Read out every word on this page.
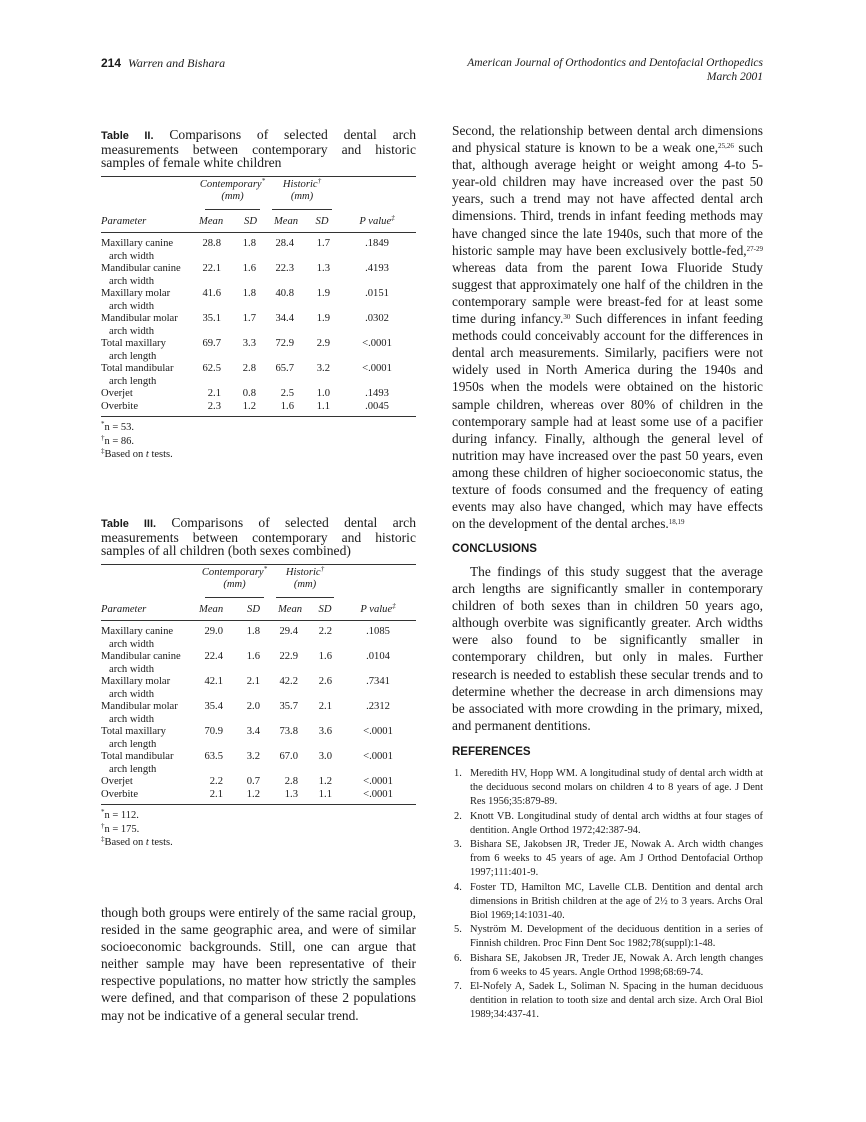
214 Warren and Bishara	American Journal of Orthodontics and Dentofacial Orthopedics
March 2001
Table II. Comparisons of selected dental arch measurements between contemporary and historic samples of female white children
	Contemporary*
(mm)		Historic†
(mm)	

Parameter	Mean	SD	Mean	SD	P value‡
Maxillary canine
arch width	28.8	1.8	28.4	1.7	.1849
Mandibular canine
arch width	22.1	1.6	22.3	1.3	.4193
Maxillary molar
arch width	41.6	1.8	40.8	1.9	.0151
Mandibular molar
arch width	35.1	1.7	34.4	1.9	.0302
Total maxillary
arch length	69.7	3.3	72.9	2.9	<.0001
Total mandibular
arch length	62.5	2.8	65.7	3.2	<.0001
Overjet	2.1	0.8	2.5	1.0	.1493
Overbite	2.3	1.2	1.6	1.1	.0045
*n = 53.
†n = 86.
‡Based on t tests.
Table III. Comparisons of selected dental arch measurements between contemporary and historic samples of all children (both sexes combined)
	Contemporary*
(mm)		Historic†
(mm)	

Parameter	Mean	SD	Mean	SD	P value‡
Maxillary canine
arch width	29.0	1.8	29.4	2.2	.1085
Mandibular canine
arch width	22.4	1.6	22.9	1.6	.0104
Maxillary molar
arch width	42.1	2.1	42.2	2.6	.7341
Mandibular molar
arch width	35.4	2.0	35.7	2.1	.2312
Total maxillary
arch length	70.9	3.4	73.8	3.6	<.0001
Total mandibular
arch length	63.5	3.2	67.0	3.0	<.0001
Overjet	2.2	0.7	2.8	1.2	<.0001
Overbite	2.1	1.2	1.3	1.1	<.0001
*n = 112.
†n = 175.
‡Based on t tests.

though both groups were entirely of the same racial group, resided in the same geographic area, and were of similar socioeconomic backgrounds. Still, one can argue that neither sample may have been representative of their respective populations, no matter how strictly the samples were defined, and that comparison of these 2 populations may not be indicative of a general secular trend.

Second, the relationship between dental arch dimensions and physical stature is known to be a weak one,$^{25,26}$ such that, although average height or weight among 4-to 5-year-old children may have increased over the past 50 years, such a trend may not have affected dental arch dimensions. Third, trends in infant feeding methods may have changed since the late 1940s, such that more of the historic sample may have been exclusively bottle-fed,$^{27-29}$ whereas data from the parent Iowa Fluoride Study suggest that approximately one half of the children in the contemporary sample were breast-fed for at least some time during infancy.$^{30}$ Such differences in infant feeding methods could conceivably account for the differences in dental arch measurements. Similarly, pacifiers were not widely used in North America during the 1940s and 1950s when the models were obtained on the historic sample children, whereas over 80% of children in the contemporary sample had at least some use of a pacifier during infancy. Finally, although the general level of nutrition may have increased over the past 50 years, even among these children of higher socioeconomic status, the texture of foods consumed and the frequency of eating events may also have changed, which may have effects on the development of the dental arches.$^{18,19}$

CONCLUSIONS
The findings of this study suggest that the average arch lengths are significantly smaller in contemporary children of both sexes than in children 50 years ago, although overbite was significantly greater. Arch widths were also found to be significantly smaller in contemporary children, but only in males. Further research is needed to establish these secular trends and to determine whether the decrease in arch dimensions may be associated with more crowding in the primary, mixed, and permanent dentitions.
REFERENCES
1. Meredith HV, Hopp WM. A longitudinal study of dental arch width at the deciduous second molars on children 4 to 8 years of age. J Dent Res 1956;35:879-89.
2. Knott VB. Longitudinal study of dental arch widths at four stages of dentition. Angle Orthod 1972;42:387-94.
3. Bishara SE, Jakobsen JR, Treder JE, Nowak A. Arch width changes from 6 weeks to 45 years of age. Am J Orthod Dentofacial Orthop 1997;111:401-9.
4. Foster TD, Hamilton MC, Lavelle CLB. Dentition and dental arch dimensions in British children at the age of 2½ to 3 years. Archs Oral Biol 1969;14:1031-40.
5. Nyström M. Development of the deciduous dentition in a series of Finnish children. Proc Finn Dent Soc 1982;78(suppl):1-48.
6. Bishara SE, Jakobsen JR, Treder JE, Nowak A. Arch length changes from 6 weeks to 45 years. Angle Orthod 1998;68:69-74.
7. El-Nofely A, Sadek L, Soliman N. Spacing in the human deciduous dentition in relation to tooth size and dental arch size. Arch Oral Biol 1989;34:437-41.
